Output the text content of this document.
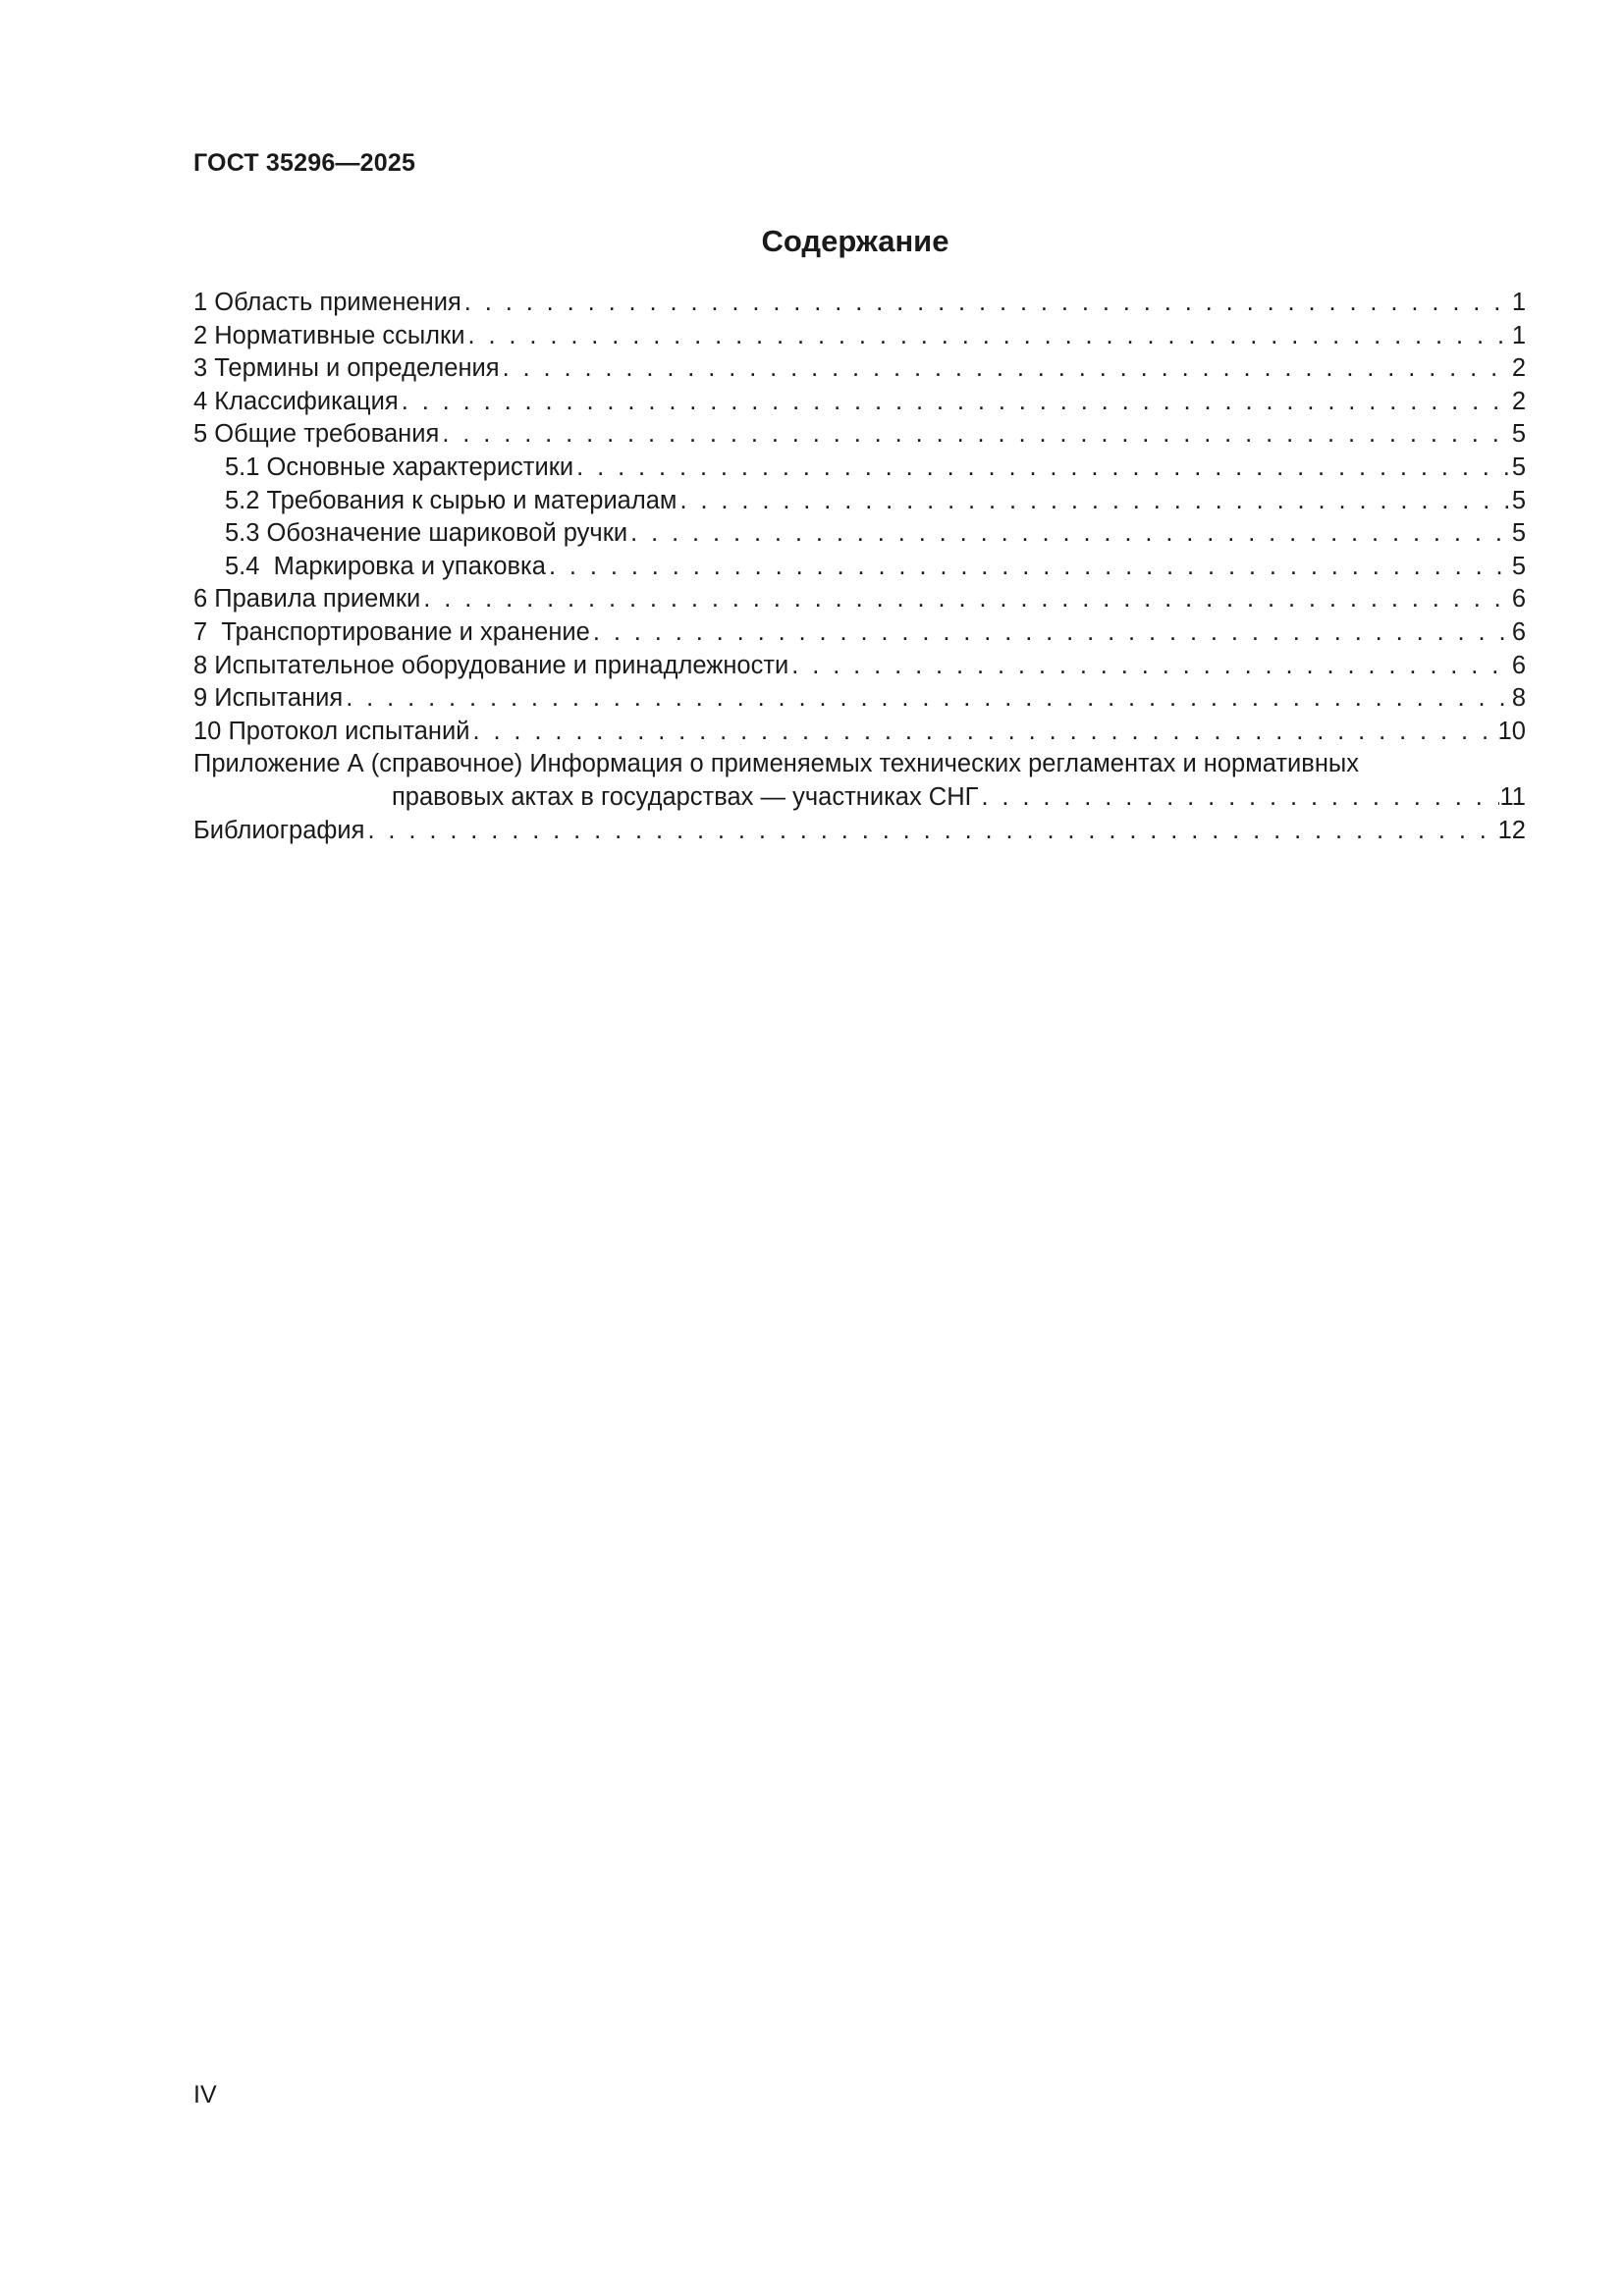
ГОСТ 35296—2025
Содержание
1 Область применения . . .	1
2 Нормативные ссылки . . .	1
3 Термины и определения . . .	2
4 Классификация . . .	2
5 Общие требования . . .	5
5.1 Основные характеристики . . .	5
5.2 Требования к сырью и материалам . . .	5
5.3 Обозначение шариковой ручки . . .	5
5.4  Маркировка и упаковка . . .	5
6 Правила приемки . . .	6
7  Транспортирование и хранение . . .	6
8 Испытательное оборудование и принадлежности . . .	6
9 Испытания . . .	8
10 Протокол испытаний . . .	10
Приложение А (справочное) Информация о применяемых технических регламентах и нормативных
правовых актах в государствах — участниках СНГ . . .	11
Библиография . . .	12
IV
